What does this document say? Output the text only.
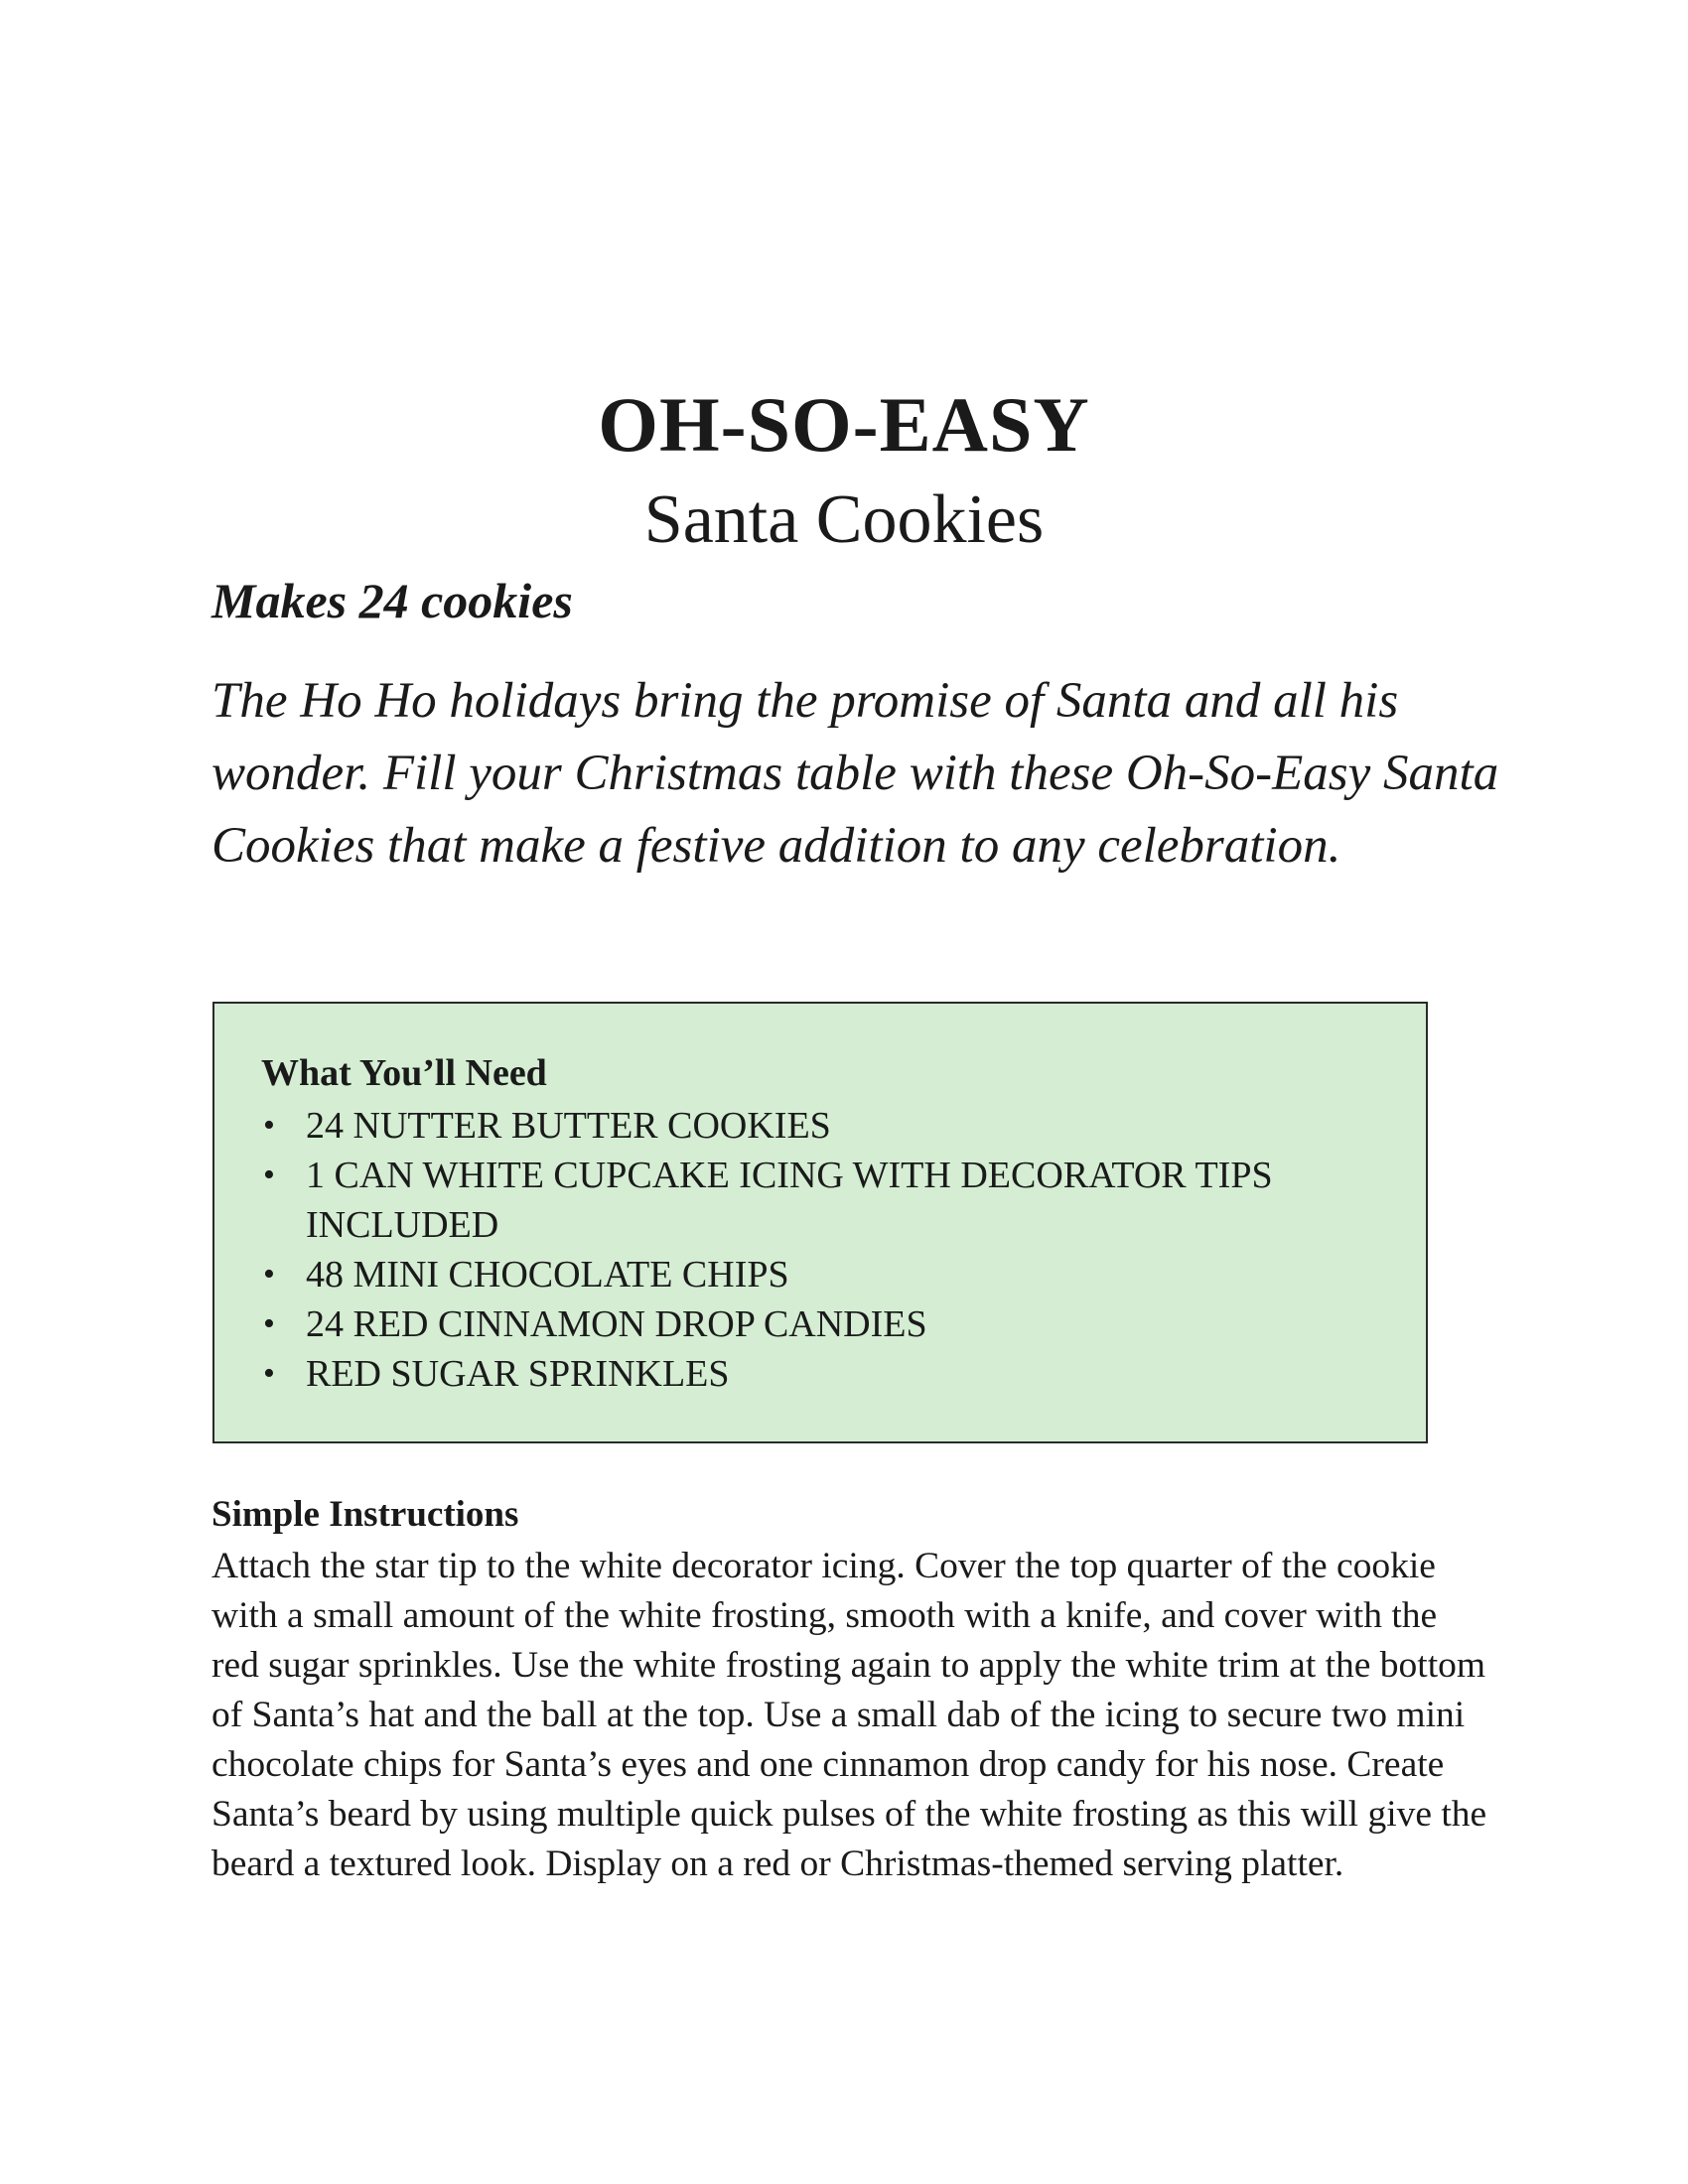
OH-SO-EASY
Santa Cookies

Makes 24 cookies

The Ho Ho holidays bring the promise of Santa and all his wonder. Fill your Christmas table with these Oh-So-Easy Santa Cookies that make a festive addition to any celebration.

What You’ll Need

• 24 NUTTER BUTTER COOKIES
• 1 CAN WHITE CUPCAKE ICING WITH DECORATOR TIPS INCLUDED
• 48 MINI CHOCOLATE CHIPS
• 24 RED CINNAMON DROP CANDIES
• RED SUGAR SPRINKLES

Simple Instructions

Attach the star tip to the white decorator icing. Cover the top quarter of the cookie with a small amount of the white frosting, smooth with a knife, and cover with the red sugar sprinkles. Use the white frosting again to apply the white trim at the bottom of Santa’s hat and the ball at the top. Use a small dab of the icing to secure two mini chocolate chips for Santa’s eyes and one cinnamon drop candy for his nose. Create Santa’s beard by using multiple quick pulses of the white frosting as this will give the beard a textured look. Display on a red or Christmas-themed serving platter.
